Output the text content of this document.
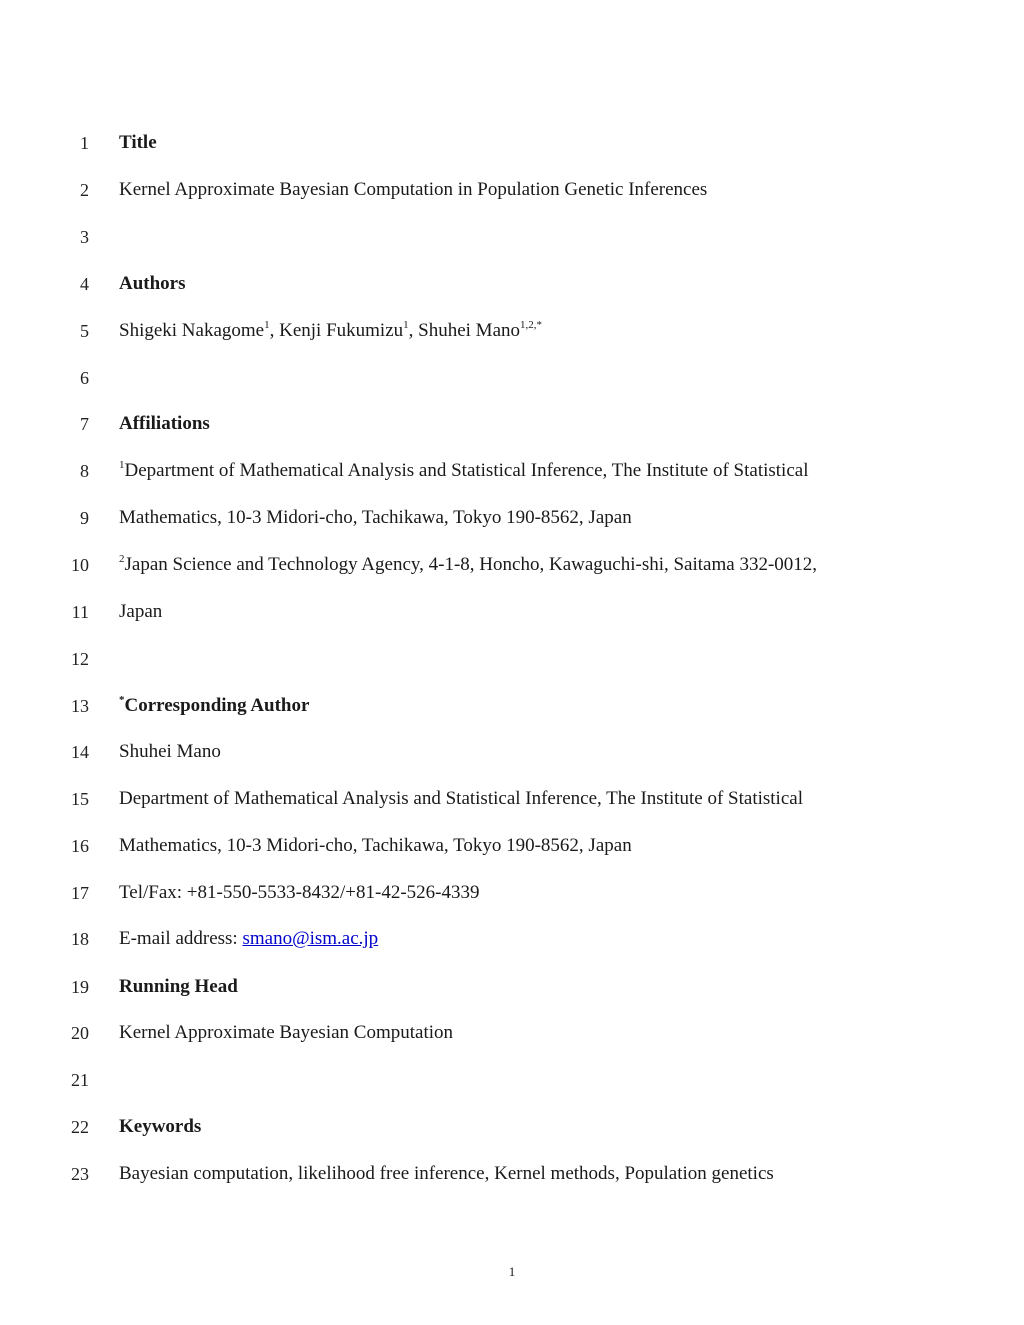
1 Title
2 Kernel Approximate Bayesian Computation in Population Genetic Inferences
3
4 Authors
5 Shigeki Nakagome$^1$, Kenji Fukumizu$^1$, Shuhei Mano$^{1,2,*}$
6
7 Affiliations
8	$^1$Department of Mathematical Analysis and Statistical Inference, The Institute of Statistical
9 Mathematics, 10-3 Midori-cho, Tachikawa, Tokyo 190-8562, Japan
10	$^2$Japan Science and Technology Agency, 4-1-8, Honcho, Kawaguchi-shi, Saitama 332-0012,
11 Japan
12
13	*Corresponding Author
14 Shuhei Mano
15 Department of Mathematical Analysis and Statistical Inference, The Institute of Statistical
16 Mathematics, 10-3 Midori-cho, Tachikawa, Tokyo 190-8562, Japan
17 Tel/Fax: +81-550-5533-8432/+81-42-526-4339
18 E-mail address: smano@ism.ac.jp
19 Running Head
20 Kernel Approximate Bayesian Computation
21
22 Keywords
23 Bayesian computation, likelihood free inference, Kernel methods, Population genetics
1
